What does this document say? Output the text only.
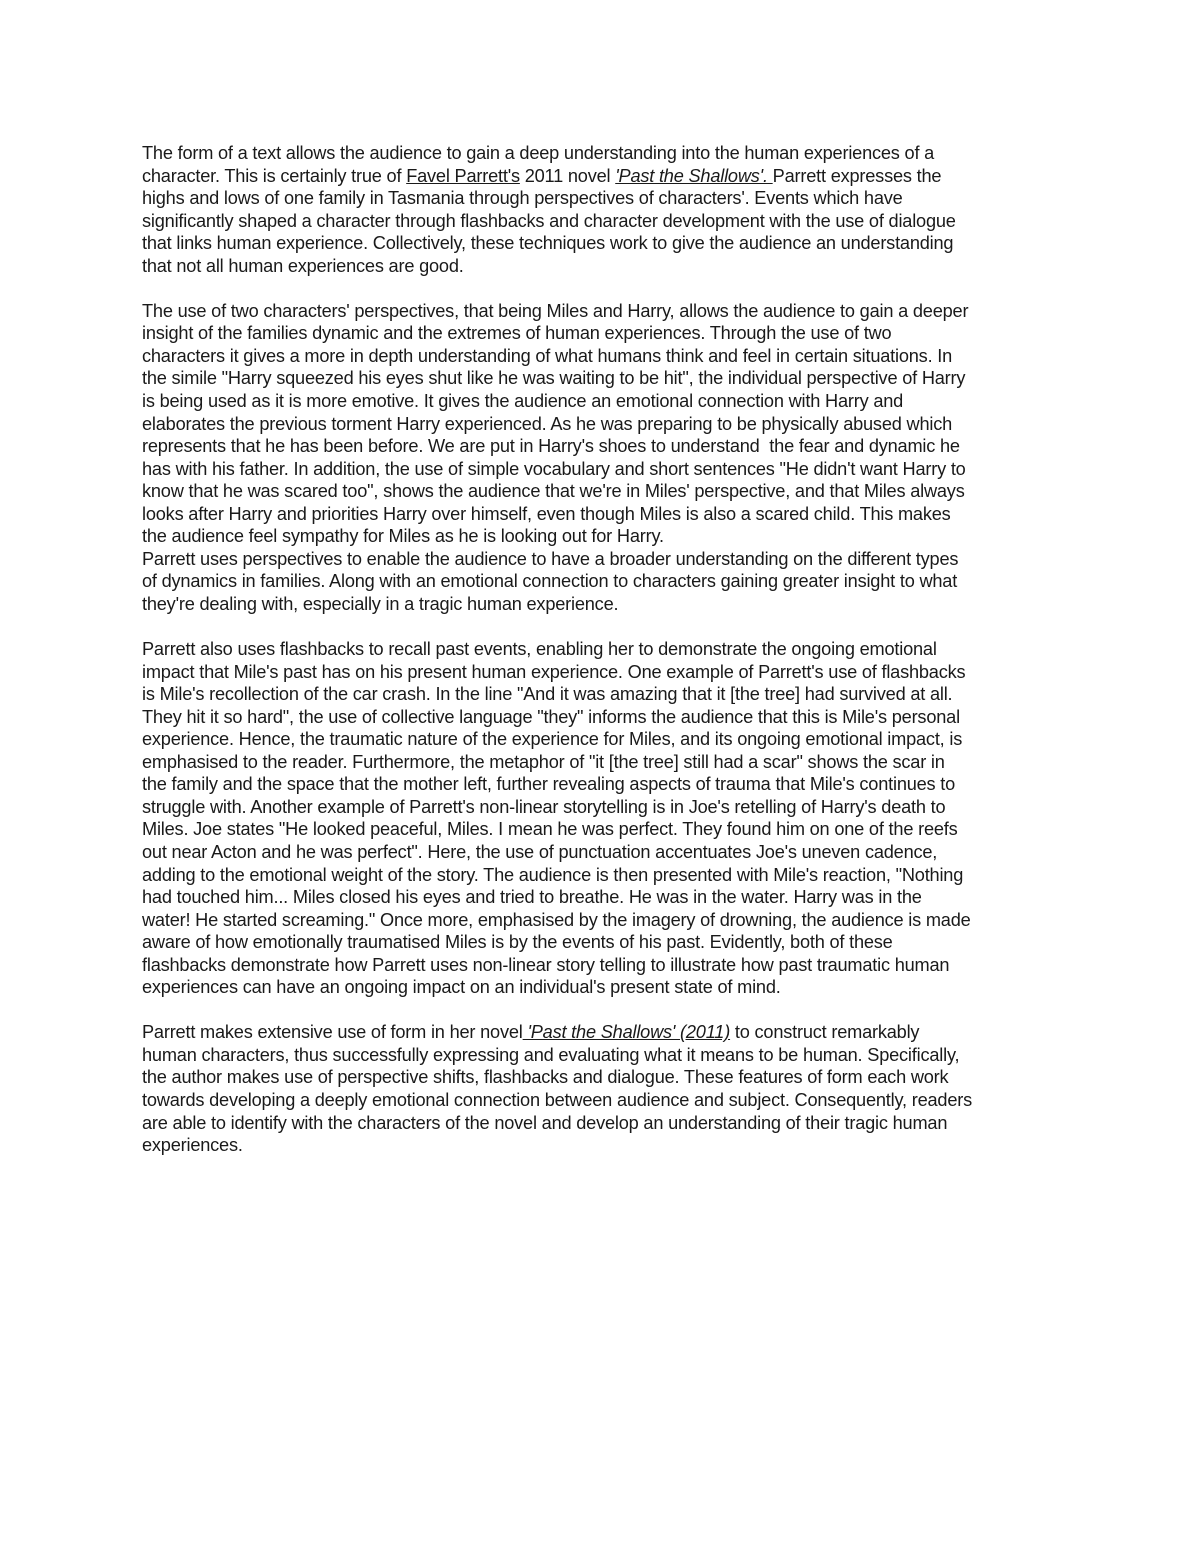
The form of a text allows the audience to gain a deep understanding into the human experiences of a
character. This is certainly true of Favel Parrett's 2011 novel 'Past the Shallows'. Parrett expresses the
highs and lows of one family in Tasmania through perspectives of characters'. Events which have
significantly shaped a character through flashbacks and character development with the use of dialogue
that links human experience. Collectively, these techniques work to give the audience an understanding
that not all human experiences are good.
The use of two characters' perspectives, that being Miles and Harry, allows the audience to gain a deeper
insight of the families dynamic and the extremes of human experiences. Through the use of two
characters it gives a more in depth understanding of what humans think and feel in certain situations. In
the simile "Harry squeezed his eyes shut like he was waiting to be hit", the individual perspective of Harry
is being used as it is more emotive. It gives the audience an emotional connection with Harry and
elaborates the previous torment Harry experienced. As he was preparing to be physically abused which
represents that he has been before. We are put in Harry's shoes to understand  the fear and dynamic he
has with his father. In addition, the use of simple vocabulary and short sentences "He didn't want Harry to
know that he was scared too", shows the audience that we're in Miles' perspective, and that Miles always
looks after Harry and priorities Harry over himself, even though Miles is also a scared child. This makes
the audience feel sympathy for Miles as he is looking out for Harry.
Parrett uses perspectives to enable the audience to have a broader understanding on the different types
of dynamics in families. Along with an emotional connection to characters gaining greater insight to what
they're dealing with, especially in a tragic human experience.
Parrett also uses flashbacks to recall past events, enabling her to demonstrate the ongoing emotional
impact that Mile's past has on his present human experience. One example of Parrett's use of flashbacks
is Mile's recollection of the car crash. In the line "And it was amazing that it [the tree] had survived at all.
They hit it so hard", the use of collective language "they" informs the audience that this is Mile's personal
experience. Hence, the traumatic nature of the experience for Miles, and its ongoing emotional impact, is
emphasised to the reader. Furthermore, the metaphor of "it [the tree] still had a scar" shows the scar in
the family and the space that the mother left, further revealing aspects of trauma that Mile's continues to
struggle with. Another example of Parrett's non-linear storytelling is in Joe's retelling of Harry's death to
Miles. Joe states "He looked peaceful, Miles. I mean he was perfect. They found him on one of the reefs
out near Acton and he was perfect". Here, the use of punctuation accentuates Joe's uneven cadence,
adding to the emotional weight of the story. The audience is then presented with Mile's reaction, "Nothing
had touched him... Miles closed his eyes and tried to breathe. He was in the water. Harry was in the
water! He started screaming." Once more, emphasised by the imagery of drowning, the audience is made
aware of how emotionally traumatised Miles is by the events of his past. Evidently, both of these
flashbacks demonstrate how Parrett uses non-linear story telling to illustrate how past traumatic human
experiences can have an ongoing impact on an individual's present state of mind.
Parrett makes extensive use of form in her novel 'Past the Shallows' (2011) to construct remarkably
human characters, thus successfully expressing and evaluating what it means to be human. Specifically,
the author makes use of perspective shifts, flashbacks and dialogue. These features of form each work
towards developing a deeply emotional connection between audience and subject. Consequently, readers
are able to identify with the characters of the novel and develop an understanding of their tragic human
experiences.
